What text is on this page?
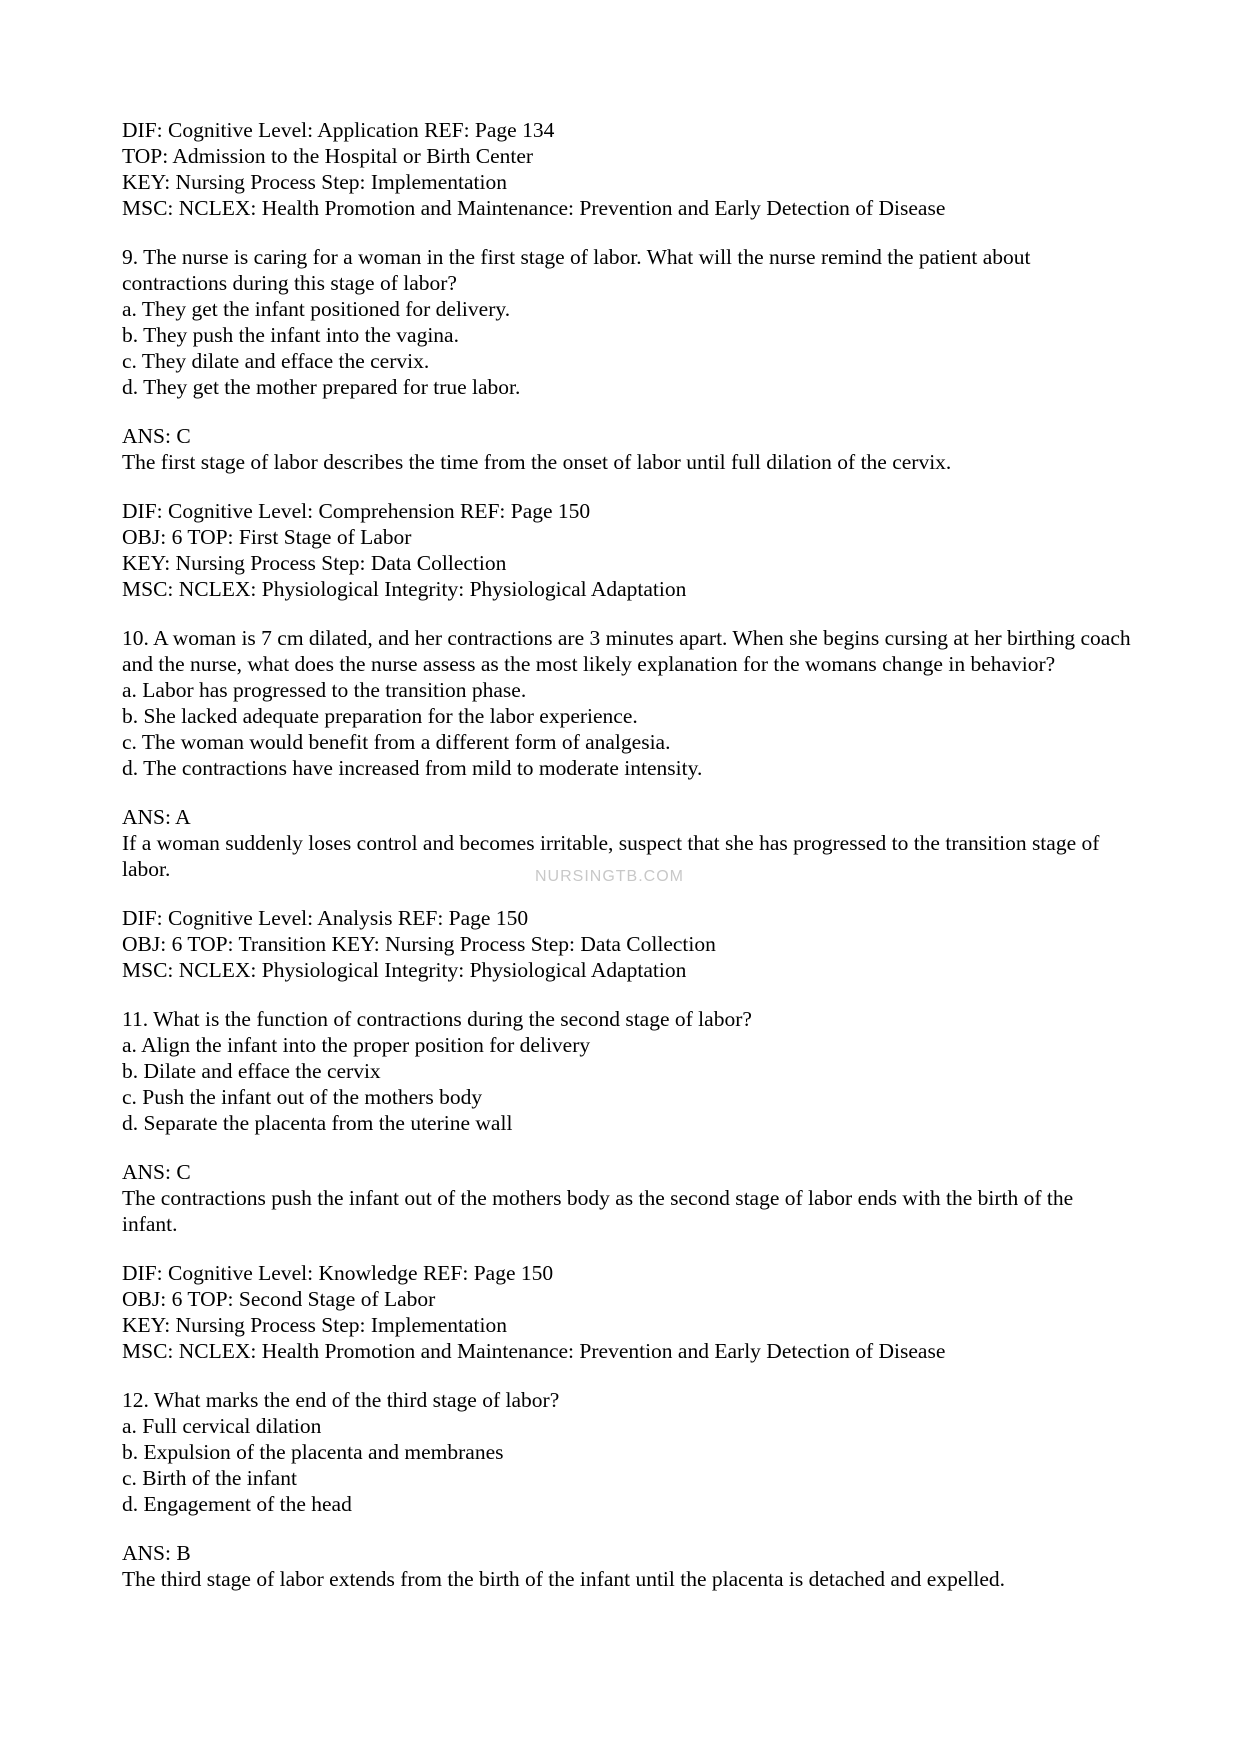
DIF: Cognitive Level: Application REF: Page 134

TOP: Admission to the Hospital or Birth Center

KEY: Nursing Process Step: Implementation

MSC: NCLEX: Health Promotion and Maintenance: Prevention and Early Detection of Disease

9. The nurse is caring for a woman in the first stage of labor. What will the nurse remind the patient about contractions during this stage of labor?

a. They get the infant positioned for delivery.

b. They push the infant into the vagina.

c. They dilate and efface the cervix.

d. They get the mother prepared for true labor.

ANS: C

The first stage of labor describes the time from the onset of labor until full dilation of the cervix.

DIF: Cognitive Level: Comprehension REF: Page 150

OBJ: 6 TOP: First Stage of Labor

KEY: Nursing Process Step: Data Collection

MSC: NCLEX: Physiological Integrity: Physiological Adaptation

10. A woman is 7 cm dilated, and her contractions are 3 minutes apart. When she begins cursing at her birthing coach and the nurse, what does the nurse assess as the most likely explanation for the womans change in behavior?

a. Labor has progressed to the transition phase.

b. She lacked adequate preparation for the labor experience.

c. The woman would benefit from a different form of analgesia.

d. The contractions have increased from mild to moderate intensity.

ANS: A

If a woman suddenly loses control and becomes irritable, suspect that she has progressed to the transition stage of labor.

DIF: Cognitive Level: Analysis REF: Page 150

OBJ: 6 TOP: Transition KEY: Nursing Process Step: Data Collection

MSC: NCLEX: Physiological Integrity: Physiological Adaptation

11. What is the function of contractions during the second stage of labor?

a. Align the infant into the proper position for delivery

b. Dilate and efface the cervix

c. Push the infant out of the mothers body

d. Separate the placenta from the uterine wall

ANS: C

The contractions push the infant out of the mothers body as the second stage of labor ends with the birth of the infant.

DIF: Cognitive Level: Knowledge REF: Page 150

OBJ: 6 TOP: Second Stage of Labor

KEY: Nursing Process Step: Implementation

MSC: NCLEX: Health Promotion and Maintenance: Prevention and Early Detection of Disease

12. What marks the end of the third stage of labor?

a. Full cervical dilation

b. Expulsion of the placenta and membranes

c. Birth of the infant

d. Engagement of the head

ANS: B

The third stage of labor extends from the birth of the infant until the placenta is detached and expelled.

NURSINGTB.COM
